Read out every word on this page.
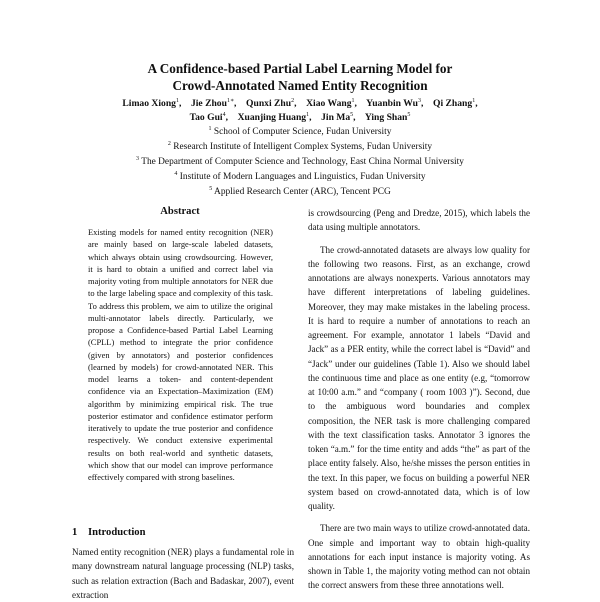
A Confidence-based Partial Label Learning Model for
Crowd-Annotated Named Entity Recognition
Limao Xiong$^1$,    Jie Zhou$^{1∗}$,    Qunxi Zhu$^2$,    Xiao Wang$^1$,    Yuanbin Wu$^3$,    Qi Zhang$^1$,
Tao Gui$^4$,    Xuanjing Huang$^1$,    Jin Ma$^5$,    Ying Shan$^5$
$^1$ School of Computer Science, Fudan University
$^2$ Research Institute of Intelligent Complex Systems, Fudan University
$^3$ The Department of Computer Science and Technology, East China Normal University
$^4$ Institute of Modern Languages and Linguistics, Fudan University
$^5$ Applied Research Center (ARC), Tencent PCG
Abstract
Existing models for named entity recognition (NER) are mainly based on large-scale labeled datasets, which always obtain using crowdsourcing. However, it is hard to obtain a unified and correct label via majority voting from multiple annotators for NER due to the large labeling space and complexity of this task. To address this problem, we aim to utilize the original multi-annotator labels directly. Particularly, we propose a Confidence-based Partial Label Learning (CPLL) method to integrate the prior confidence (given by annotators) and posterior confidences (learned by models) for crowd-annotated NER. This model learns a token- and content-dependent confidence via an Expectation–Maximization (EM) algorithm by minimizing empirical risk. The true posterior estimator and confidence estimator perform iteratively to update the true posterior and confidence respectively. We conduct extensive experimental results on both real-world and synthetic datasets, which show that our model can improve performance effectively compared with strong baselines.
1 Introduction
Named entity recognition (NER) plays a fundamental role in many downstream natural language processing (NLP) tasks, such as relation extraction (Bach and Badaskar, 2007), event extraction

is crowdsourcing (Peng and Dredze, 2015), which labels the data using multiple annotators.

The crowd-annotated datasets are always low quality for the following two reasons. First, as an exchange, crowd annotations are always nonexperts. Various annotators may have different interpretations of labeling guidelines. Moreover, they may make mistakes in the labeling process. It is hard to require a number of annotations to reach an agreement. For example, annotator 1 labels “David and Jack” as a PER entity, while the correct label is “David” and “Jack” under our guidelines (Table 1). Also we should label the continuous time and place as one entity (e.g, “tomorrow at 10:00 a.m.” and “company ( room 1003 )”). Second, due to the ambiguous word boundaries and complex composition, the NER task is more challenging compared with the text classification tasks. Annotator 3 ignores the token “a.m.” for the time entity and adds “the” as part of the place entity falsely. Also, he/she misses the person entities in the text. In this paper, we focus on building a powerful NER system based on crowd-annotated data, which is of low quality.

There are two main ways to utilize crowd-annotated data. One simple and important way to obtain high-quality annotations for each input instance is majority voting. As shown in Table 1, the majority voting method can not obtain the correct answers from these three annotations well.
